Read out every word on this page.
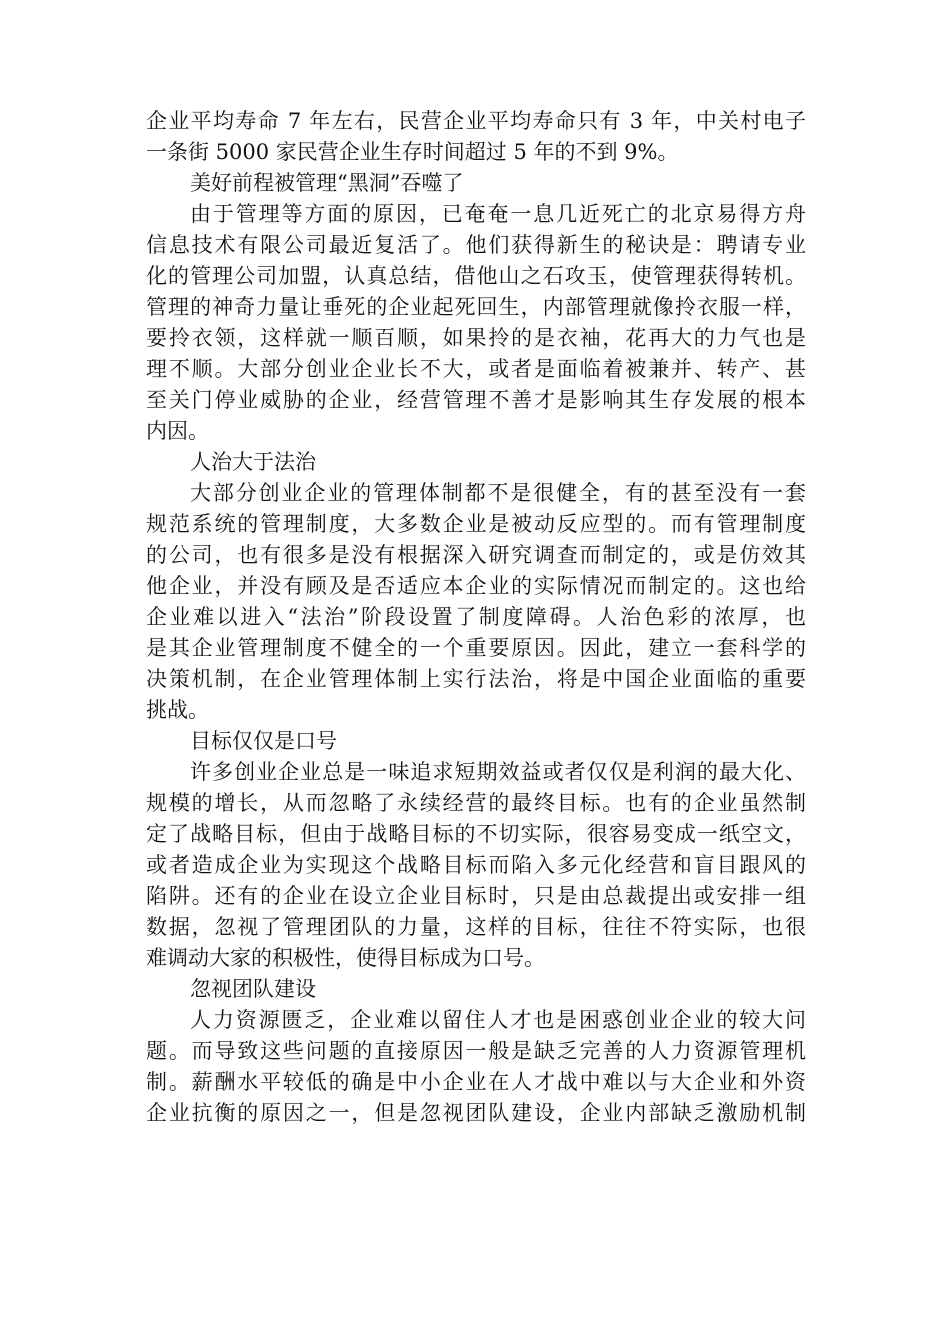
企业平均寿命 7 年左右，民营企业平均寿命只有 3 年，中关村电子
一条街 5000 家民营企业生存时间超过 5 年的不到 9%。
美好前程被管理“黑洞”吞噬了
由于管理等方面的原因，已奄奄一息几近死亡的北京易得方舟
信息技术有限公司最近复活了。他们获得新生的秘诀是：聘请专业
化的管理公司加盟，认真总结，借他山之石攻玉，使管理获得转机。
管理的神奇力量让垂死的企业起死回生，内部管理就像拎衣服一样，
要拎衣领，这样就一顺百顺，如果拎的是衣袖，花再大的力气也是
理不顺。大部分创业企业长不大，或者是面临着被兼并、转产、甚
至关门停业威胁的企业，经营管理不善才是影响其生存发展的根本
内因。
人治大于法治
大部分创业企业的管理体制都不是很健全，有的甚至没有一套
规范系统的管理制度，大多数企业是被动反应型的。而有管理制度
的公司，也有很多是没有根据深入研究调查而制定的，或是仿效其
他企业，并没有顾及是否适应本企业的实际情况而制定的。这也给
企业难以进入“法治”阶段设置了制度障碍。人治色彩的浓厚，也
是其企业管理制度不健全的一个重要原因。因此，建立一套科学的
决策机制，在企业管理体制上实行法治，将是中国企业面临的重要
挑战。
目标仅仅是口号
许多创业企业总是一味追求短期效益或者仅仅是利润的最大化、
规模的增长，从而忽略了永续经营的最终目标。也有的企业虽然制
定了战略目标，但由于战略目标的不切实际，很容易变成一纸空文，
或者造成企业为实现这个战略目标而陷入多元化经营和盲目跟风的
陷阱。还有的企业在设立企业目标时，只是由总裁提出或安排一组
数据，忽视了管理团队的力量，这样的目标，往往不符实际，也很
难调动大家的积极性，使得目标成为口号。
忽视团队建设
人力资源匮乏，企业难以留住人才也是困惑创业企业的较大问
题。而导致这些问题的直接原因一般是缺乏完善的人力资源管理机
制。薪酬水平较低的确是中小企业在人才战中难以与大企业和外资
企业抗衡的原因之一，但是忽视团队建设，企业内部缺乏激励机制
